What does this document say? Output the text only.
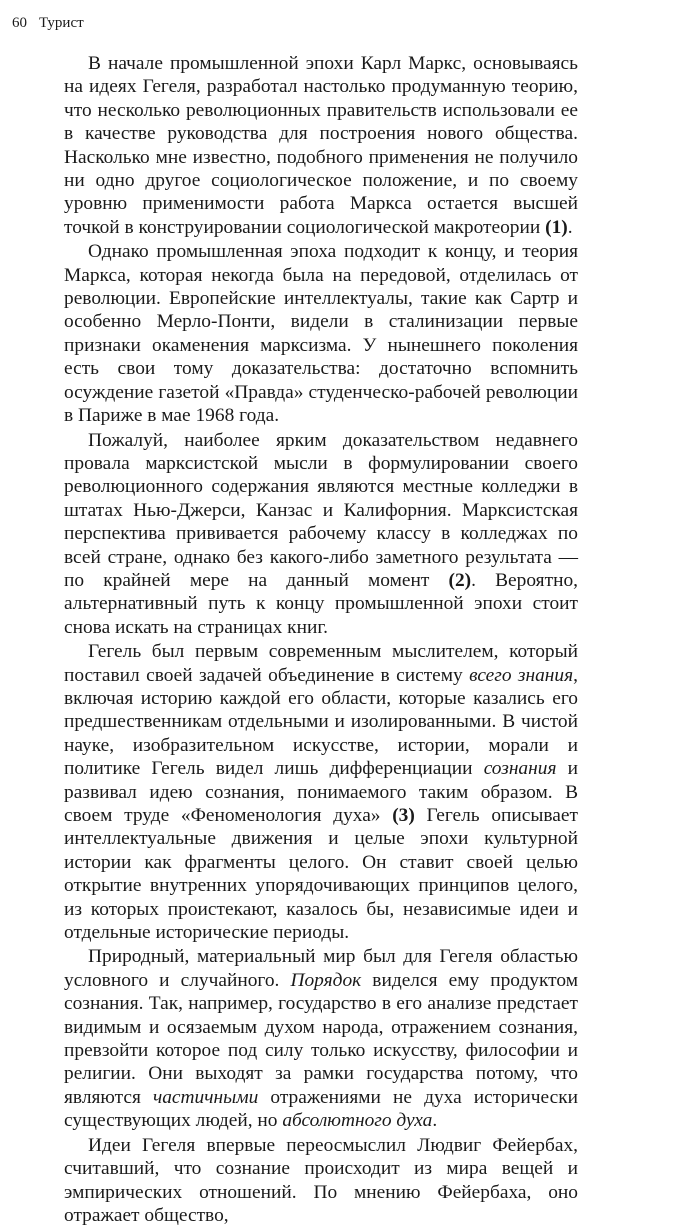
60 Турист

В начале промышленной эпохи Карл Маркс, основываясь на идеях Гегеля, разработал настолько продуманную теорию, что несколько революционных правительств использовали ее в качестве руководства для построения нового общества. Насколько мне известно, подобного применения не получило ни одно другое социологическое положение, и по своему уровню применимости работа Маркса остается высшей точкой в конструировании социологической макротеории (1).

Однако промышленная эпоха подходит к концу, и теория Маркса, которая некогда была на передовой, отделилась от революции. Европейские интеллектуалы, такие как Сартр и особенно Мерло-Понти, видели в сталинизации первые признаки окаменения марксизма. У нынешнего поколения есть свои тому доказательства: достаточно вспомнить осуждение газетой «Правда» студенческо-рабочей революции в Париже в мае 1968 года.

Пожалуй, наиболее ярким доказательством недавнего провала марксистской мысли в формулировании своего революционного содержания являются местные колледжи в штатах Нью-Джерси, Канзас и Калифорния. Марксистская перспектива прививается рабочему классу в колледжах по всей стране, однако без какого-либо заметного результата — по крайней мере на данный момент (2). Вероятно, альтернативный путь к концу промышленной эпохи стоит снова искать на страницах книг.

Гегель был первым современным мыслителем, который поставил своей задачей объединение в систему всего знания, включая историю каждой его области, которые казались его предшественникам отдельными и изолированными. В чистой науке, изобразительном искусстве, истории, морали и политике Гегель видел лишь дифференциации сознания и развивал идею сознания, понимаемого таким образом. В своем труде «Феноменология духа» (3) Гегель описывает интеллектуальные движения и целые эпохи культурной истории как фрагменты целого. Он ставит своей целью открытие внутренних упорядочивающих принципов целого, из которых проистекают, казалось бы, независимые идеи и отдельные исторические периоды.

Природный, материальный мир был для Гегеля областью условного и случайного. Порядок виделся ему продуктом сознания. Так, например, государство в его анализе предстает видимым и осязаемым духом народа, отражением сознания, превзойти которое под силу только искусству, философии и религии. Они выходят за рамки государства потому, что являются частичными отражениями не духа исторически существующих людей, но абсолютного духа.

Идеи Гегеля впервые переосмыслил Людвиг Фейербах, считавший, что сознание происходит из мира вещей и эмпирических отношений. По мнению Фейербаха, оно отражает общество,
